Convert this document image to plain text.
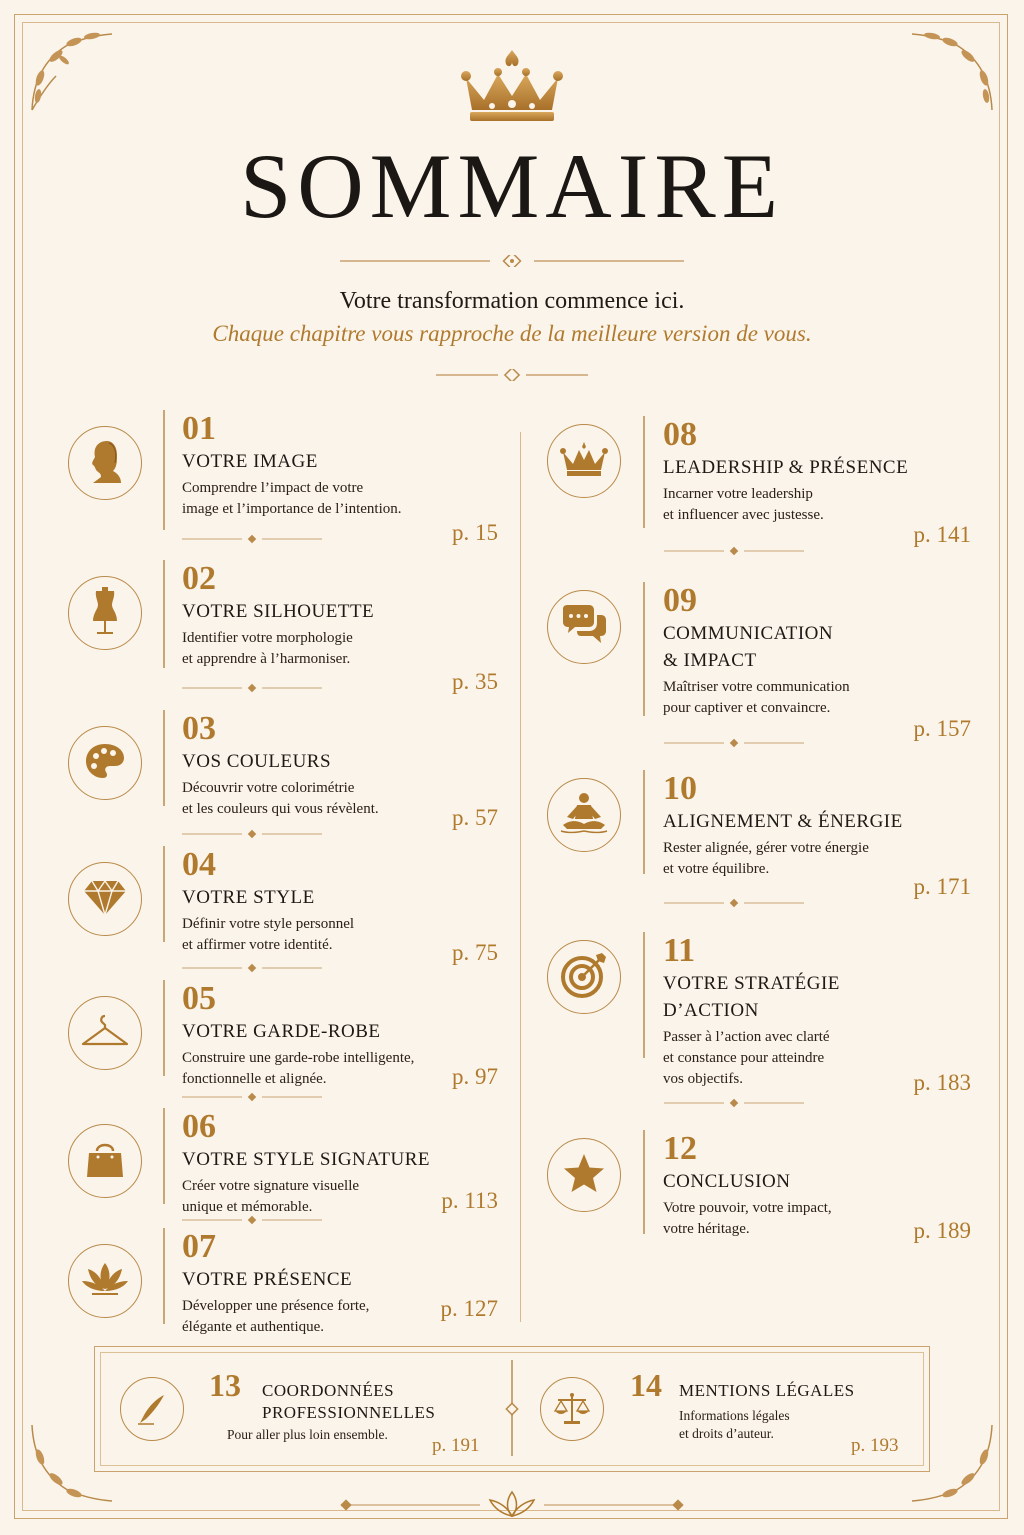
SOMMAIRE

Votre transformation commence ici.

Chaque chapitre vous rapproche de la meilleure version de vous.

01
VOTRE IMAGE
Comprendre l’impact de votre
image et l’importance de l’intention.
p. 15
02
VOTRE SILHOUETTE
Identifier votre morphologie
et apprendre à l’harmoniser.
p. 35
03
VOS COULEURS
Découvrir votre colorimétrie
et les couleurs qui vous révèlent.	p. 57
04
VOTRE STYLE
Définir votre style personnel
et affirmer votre identité.	p. 75
05
VOTRE GARDE-ROBE
Construire une garde-robe intelligente,
fonctionnelle et alignée.	p. 97
06
VOTRE STYLE SIGNATURE
Créer votre signature visuelle
unique et mémorable.	p. 113
07
VOTRE PRÉSENCE
Développer une présence forte,
élégante et authentique.
p. 127
08
LEADERSHIP & PRÉSENCE
Incarner votre leadership
et influencer avec justesse.
p. 141
09
COMMUNICATION
& IMPACT
Maîtriser votre communication
pour captiver et convaincre.
p. 157
10
ALIGNEMENT & ÉNERGIE
Rester alignée, gérer votre énergie
et votre équilibre.
p. 171
11
VOTRE STRATÉGIE
D’ACTION
Passer à l’action avec clarté
et constance pour atteindre
vos objectifs.	p. 183
12
CONCLUSION
Votre pouvoir, votre impact,
votre héritage.	p. 189
13 COORDONNÉES
PROFESSIONNELLES
Pour aller plus loin ensemble.
p. 191
14 MENTIONS LÉGALES
Informations légales
et droits d’auteur.
p. 193
